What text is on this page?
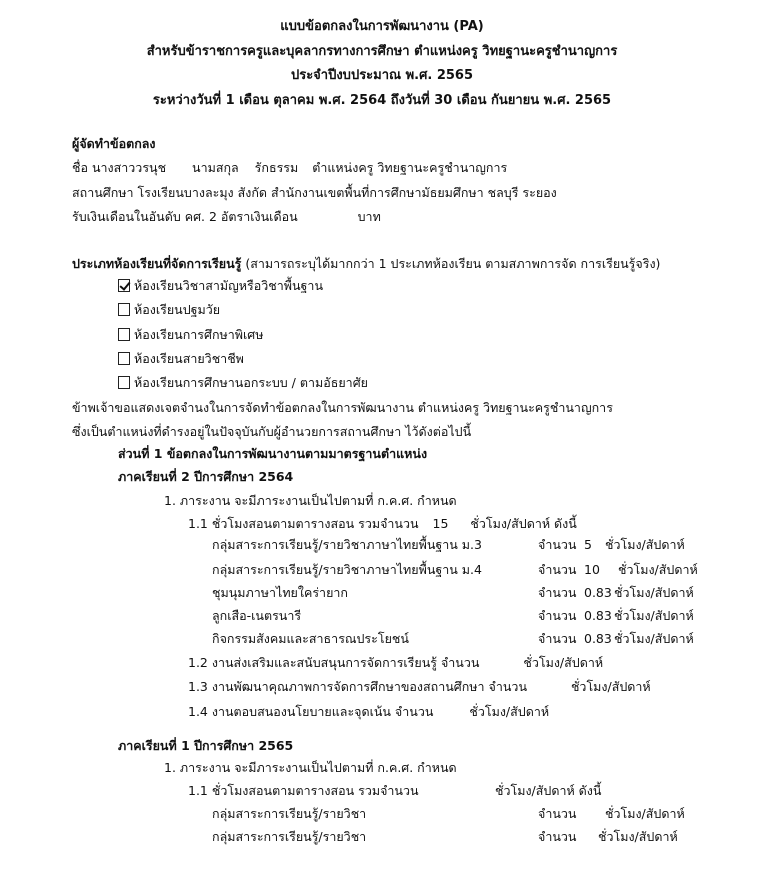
แบบข้อตกลงในการพัฒนางาน (PA)
สำหรับข้าราชการครูและบุคลากรทางการศึกษา ตำแหน่งครู วิทยฐานะครูชำนาญการ
ประจำปีงบประมาณ พ.ศ. 2565
ระหว่างวันที่ 1 เดือน ตุลาคม พ.ศ. 2564 ถึงวันที่ 30 เดือน กันยายน พ.ศ. 2565
ผู้จัดทำข้อตกลง
ชื่อ นางสาววรนุช นามสกุล รักธรรม ตำแหน่งครู วิทยฐานะครูชำนาญการ
สถานศึกษา โรงเรียนบางละมุง สังกัด สำนักงานเขตพื้นที่การศึกษามัธยมศึกษา ชลบุรี ระยอง
รับเงินเดือนในอันดับ คศ. 2 อัตราเงินเดือน	บาท
ประเภทห้องเรียนที่จัดการเรียนรู้ (สามารถระบุได้มากกว่า 1 ประเภทห้องเรียน ตามสภาพการจัด การเรียนรู้จริง)
ห้องเรียนวิชาสามัญหรือวิชาพื้นฐาน
ห้องเรียนปฐมวัย
ห้องเรียนการศึกษาพิเศษ
ห้องเรียนสายวิชาชีพ
ห้องเรียนการศึกษานอกระบบ / ตามอัธยาศัย
ข้าพเจ้าขอแสดงเจตจำนงในการจัดทำข้อตกลงในการพัฒนางาน ตำแหน่งครู วิทยฐานะครูชำนาญการ
ซึ่งเป็นตำแหน่งที่ดำรงอยู่ในปัจจุบันกับผู้อำนวยการสถานศึกษา ไว้ดังต่อไปนี้
ส่วนที่ 1 ข้อตกลงในการพัฒนางานตามมาตรฐานตำแหน่ง
ภาคเรียนที่ 2 ปีการศึกษา 2564
1. ภาระงาน จะมีภาระงานเป็นไปตามที่ ก.ค.ศ. กำหนด
1.1 ชั่วโมงสอนตามตารางสอน รวมจำนวน 15 ชั่วโมง/สัปดาห์ ดังนี้
กลุ่มสาระการเรียนรู้/รายวิชาภาษาไทยพื้นฐาน ม.3	จำนวน 5 ชั่วโมง/สัปดาห์
กลุ่มสาระการเรียนรู้/รายวิชาภาษาไทยพื้นฐาน ม.4	จำนวน 10 ชั่วโมง/สัปดาห์
ชุมนุมภาษาไทยใคร่ายาก	จำนวน 0.83 ชั่วโมง/สัปดาห์
ลูกเสือ-เนตรนารี	จำนวน 0.83 ชั่วโมง/สัปดาห์
กิจกรรมสังคมและสาธารณประโยชน์	จำนวน 0.83 ชั่วโมง/สัปดาห์
1.2 งานส่งเสริมและสนับสนุนการจัดการเรียนรู้ จำนวน	ชั่วโมง/สัปดาห์
1.3 งานพัฒนาคุณภาพการจัดการศึกษาของสถานศึกษา จำนวน	ชั่วโมง/สัปดาห์
1.4 งานตอบสนองนโยบายและจุดเน้น จำนวน	ชั่วโมง/สัปดาห์
ภาคเรียนที่ 1 ปีการศึกษา 2565
1. ภาระงาน จะมีภาระงานเป็นไปตามที่ ก.ค.ศ. กำหนด
1.1 ชั่วโมงสอนตามตารางสอน รวมจำนวน	ชั่วโมง/สัปดาห์ ดังนี้
กลุ่มสาระการเรียนรู้/รายวิชา	จำนวน ชั่วโมง/สัปดาห์
กลุ่มสาระการเรียนรู้/รายวิชา	จำนวน ชั่วโมง/สัปดาห์
